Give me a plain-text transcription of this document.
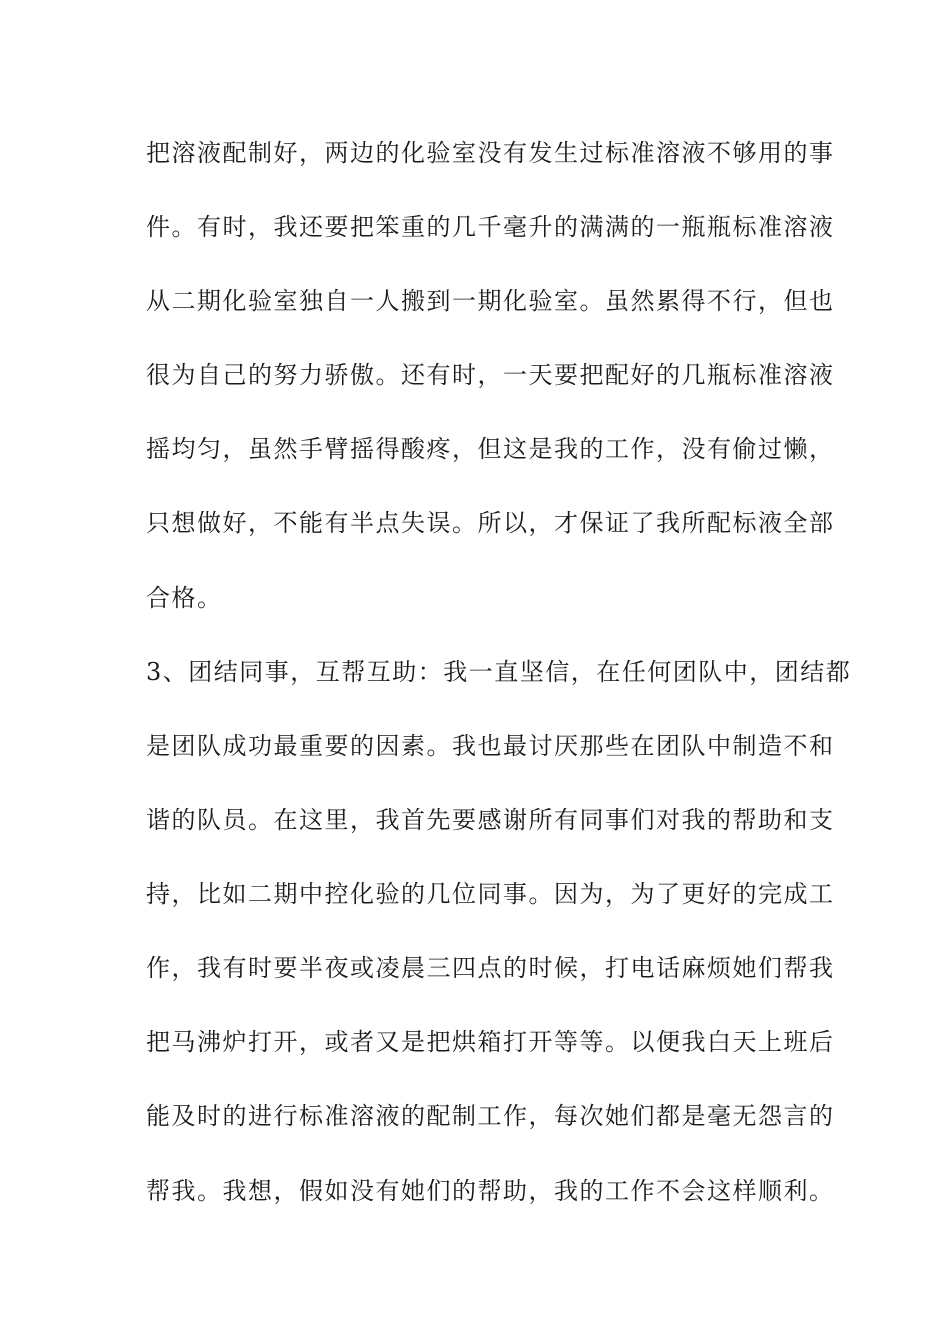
把溶液配制好，两边的化验室没有发生过标准溶液不够用的事
件。有时，我还要把笨重的几千毫升的满满的一瓶瓶标准溶液
从二期化验室独自一人搬到一期化验室。虽然累得不行，但也
很为自己的努力骄傲。还有时，一天要把配好的几瓶标准溶液
摇均匀，虽然手臂摇得酸疼，但这是我的工作，没有偷过懒，
只想做好，不能有半点失误。所以，才保证了我所配标液全部
合格。
3、团结同事，互帮互助：我一直坚信，在任何团队中，团结都
是团队成功最重要的因素。我也最讨厌那些在团队中制造不和
谐的队员。在这里，我首先要感谢所有同事们对我的帮助和支
持，比如二期中控化验的几位同事。因为，为了更好的完成工
作，我有时要半夜或凌晨三四点的时候，打电话麻烦她们帮我
把马沸炉打开，或者又是把烘箱打开等等。以便我白天上班后
能及时的进行标准溶液的配制工作，每次她们都是毫无怨言的
帮我。我想，假如没有她们的帮助，我的工作不会这样顺利。
